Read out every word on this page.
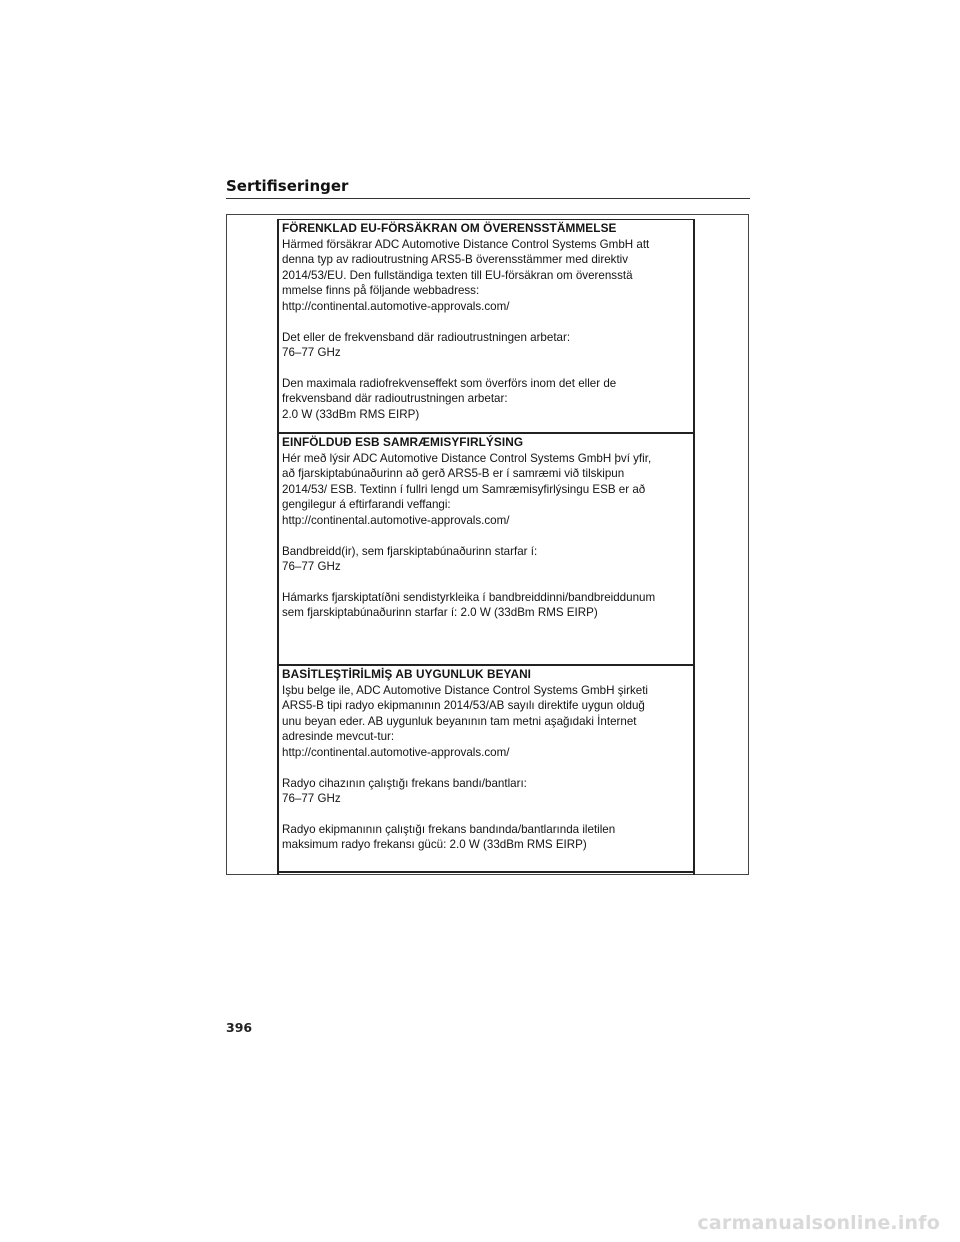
Sertifiseringer
FÖRENKLAD EU-FÖRSÄKRAN OM ÖVERENSSTÄMMELSE

Härmed försäkrar ADC Automotive Distance Control Systems GmbH att

denna typ av radioutrustning ARS5-B överensstämmer med direktiv

2014/53/EU. Den fullständiga texten till EU-försäkran om överensstä

mmelse finns på följande webbadress:

http://continental.automotive-approvals.com/

Det eller de frekvensband där radioutrustningen arbetar:

76–77 GHz

Den maximala radiofrekvenseffekt som överförs inom det eller de

frekvensband där radioutrustningen arbetar:

2.0 W (33dBm RMS EIRP)

EINFÖLDUÐ ESB SAMRÆMISYFIRLÝSING

Hér með lýsir ADC Automotive Distance Control Systems GmbH því yfir,

að fjarskiptabúnaðurinn að gerð ARS5-B er í samræmi við tilskipun

2014/53/ ESB. Textinn í fullri lengd um Samræmisyfirlýsingu ESB er að

gengilegur á eftirfarandi veffangi:

http://continental.automotive-approvals.com/

Bandbreidd(ir), sem fjarskiptabúnaðurinn starfar í:

76–77 GHz

Hámarks fjarskiptatíðni sendistyrkleika í bandbreiddinni/bandbreiddunum

sem fjarskiptabúnaðurinn starfar í: 2.0 W (33dBm RMS EIRP)

BASİTLEŞTİRİLMİŞ AB UYGUNLUK BEYANI

Işbu belge ile, ADC Automotive Distance Control Systems GmbH şirketi

ARS5-B tipi radyo ekipmanının 2014/53/AB sayılı direktife uygun olduğ

unu beyan eder. AB uygunluk beyanının tam metni aşağıdaki İnternet

adresinde mevcut-tur:

http://continental.automotive-approvals.com/

Radyo cihazının çalıştığı frekans bandı/bantları:

76–77 GHz

Radyo ekipmanının çalıştığı frekans bandında/bantlarında iletilen

maksimum radyo frekansı gücü: 2.0 W (33dBm RMS EIRP)

396

carmanualsonline.info
